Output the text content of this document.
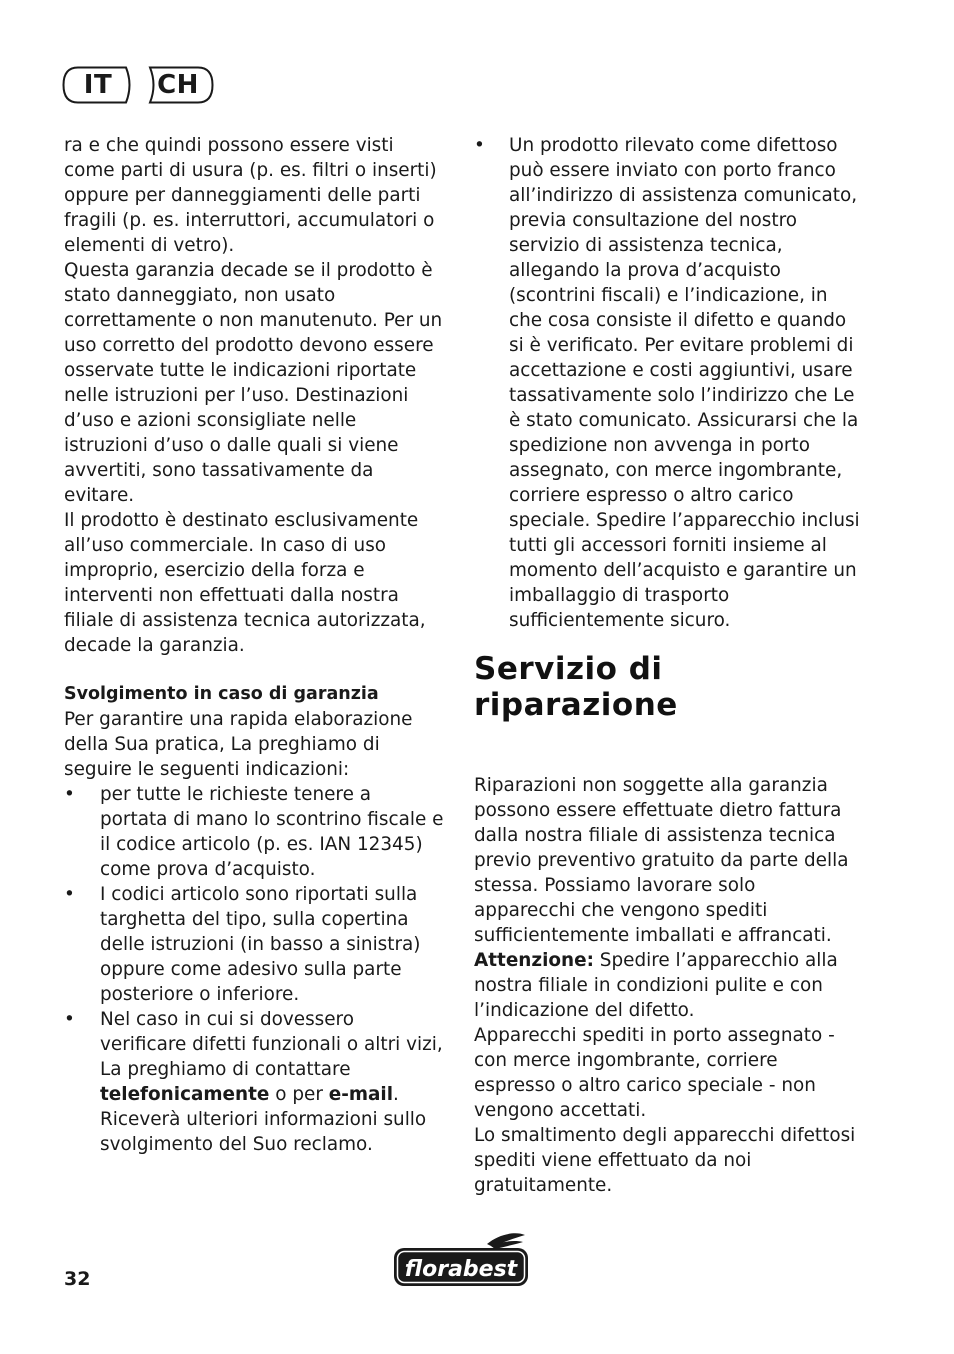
IT	CH

ra e che quindi possono essere visti come parti di usura (p. es. filtri o inserti) oppure per danneggiamenti delle parti fragili (p. es. interruttori, accumulatori o elementi di vetro).

Questa garanzia decade se il prodotto è stato danneggiato, non usato correttamente o non manutenuto. Per un uso corretto del prodotto devono essere osservate tutte le indicazioni riportate nelle istruzioni per l’uso. Destinazioni d’uso e azioni sconsigliate nelle istruzioni d’uso o dalle quali si viene avvertiti, sono tassativamente da evitare.

Il prodotto è destinato esclusivamente all’uso commerciale. In caso di uso improprio, esercizio della forza e interventi non effettuati dalla nostra filiale di assistenza tecnica autorizzata, decade la garanzia.

Svolgimento in caso di garanzia

Per garantire una rapida elaborazione della Sua pratica, La preghiamo di seguire le seguenti indicazioni:

• per tutte le richieste tenere a portata di mano lo scontrino fiscale e il codice articolo (p. es. IAN 12345) come prova d’acquisto.
• I codici articolo sono riportati sulla targhetta del tipo, sulla copertina delle istruzioni (in basso a sinistra) oppure come adesivo sulla parte posteriore o inferiore.
• Nel caso in cui si dovessero verificare difetti funzionali o altri vizi, La preghiamo di contattare telefonicamente o per e-mail. Riceverà ulteriori informazioni sullo svolgimento del Suo reclamo.
• Un prodotto rilevato come difettoso può essere inviato con porto franco all’indirizzo di assistenza comunicato, previa consultazione del nostro servizio di assistenza tecnica, allegando la prova d’acquisto (scontrini fiscali) e l’indicazione, in che cosa consiste il difetto e quando si è verificato. Per evitare problemi di accettazione e costi aggiuntivi, usare tassativamente solo l’indirizzo che Le è stato comunicato. Assicurarsi che la spedizione non avvenga in porto assegnato, con merce ingombrante, corriere espresso o altro carico speciale. Spedire l’apparecchio inclusi tutti gli accessori forniti insieme al momento dell’acquisto e garantire un imballaggio di trasporto sufficientemente sicuro.
Servizio di
riparazione

Riparazioni non soggette alla garanzia possono essere effettuate dietro fattura dalla nostra filiale di assistenza tecnica previo preventivo gratuito da parte della stessa. Possiamo lavorare solo apparecchi che vengono spediti sufficientemente imballati e affrancati.

Attenzione: Spedire l’apparecchio alla nostra filiale in condizioni pulite e con l’indicazione del difetto.

Apparecchi spediti in porto assegnato - con merce ingombrante, corriere espresso o altro carico speciale - non vengono accettati.

Lo smaltimento degli apparecchi difettosi spediti viene effettuato da noi gratuitamente.

32	florabest
